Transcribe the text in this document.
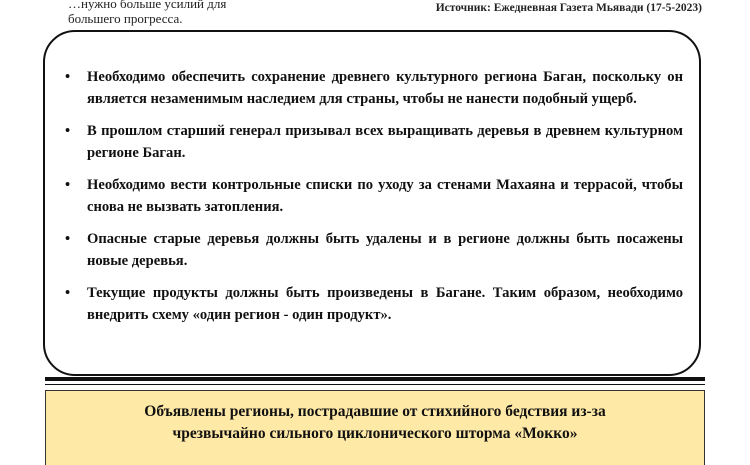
…нужно больше усилий для
большего прогресса.
Источник: Ежедневная Газета Мьявади (17-5-2023)
• Необходимо обеспечить сохранение древнего культурного региона Баган, поскольку он является незаменимым наследием для страны, чтобы не нанести подобный ущерб.
• В прошлом старший генерал призывал всех выращивать деревья в древнем культурном регионе Баган.
• Необходимо вести контрольные списки по уходу за стенами Махаяна и террасой, чтобы снова не вызвать затопления.
• Опасные старые деревья должны быть удалены и в регионе должны быть посажены новые деревья.
• Текущие продукты должны быть произведены в Багане. Таким образом, необходимо внедрить схему «один регион - один продукт».
Объявлены регионы, пострадавшие от стихийного бедствия из-за
чрезвычайно сильного циклонического шторма «Мокко»
